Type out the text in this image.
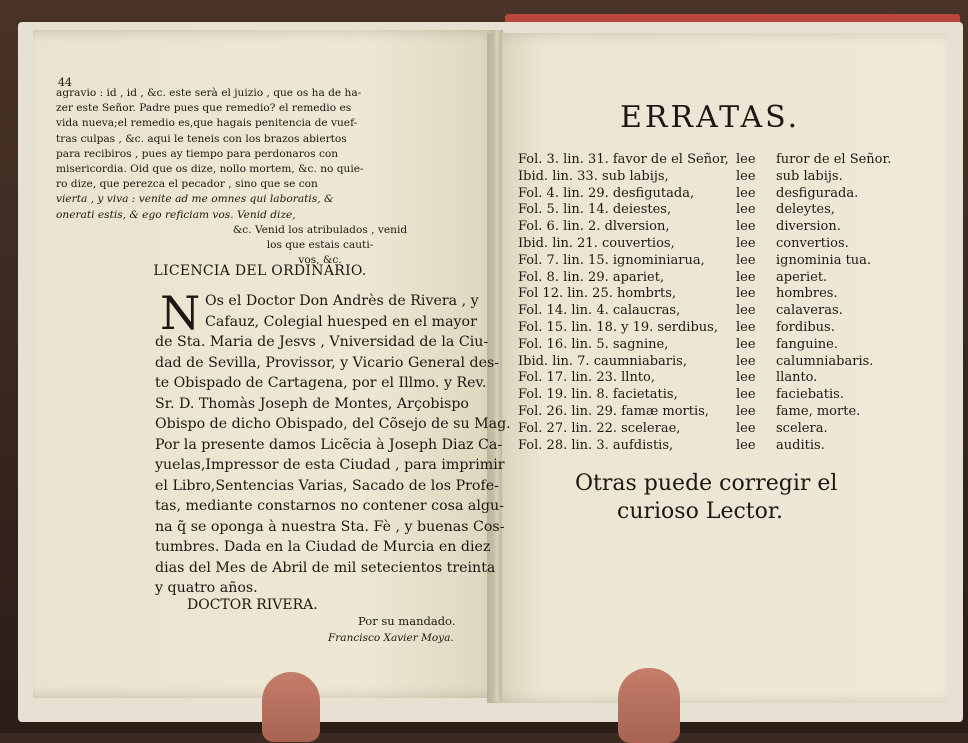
44
agravio : id , id , &c. este serà el juizio , que os ha de ha-
zer este Señor. Padre pues que remedio? el remedio es
vida nueva;el remedio es,que hagais penitencia de vuef-
tras culpas , &c. aqui le teneis con los brazos abiertos
para recibiros , pues ay tiempo para perdonaros con
misericordia. Oid que os dize, nollo mortem, &c. no quie-
ro dize, que perezca el pecador , sino que se con
vierta , y viva : venite ad me omnes qui laboratis, &
onerati estis, & ego reficiam vos. Venid dize,
&c. Venid los atribulados , venid
los que estais cauti-
vos, &c.
LICENCIA DEL ORDINARIO.
N Os el Doctor Don Andrès de Rivera , y
Cafauz, Colegial huesped en el mayor
de Sta. Maria de Jesvs , Vniversidad de la Ciu-
dad de Sevilla, Provissor, y Vicario General des-
te Obispado de Cartagena, por el Illmo. y Rev.
Sr. D. Thomàs Joseph de Montes, Arçobispo
Obispo de dicho Obispado, del Cõsejo de su Mag.
Por la presente damos Licẽcia à Joseph Diaz Ca-
yuelas,Impressor de esta Ciudad , para imprimir
el Libro,Sentencias Varias, Sacado de los Profe-
tas, mediante constarnos no contener cosa algu-
na q̃ se oponga à nuestra Sta. Fè , y buenas Cos-
tumbres. Dada en la Ciudad de Murcia en diez
dias del Mes de Abril de mil setecientos treinta
y quatro años.
DOCTOR RIVERA.
Por su mandado.
Francisco Xavier Moya.
ERRATAS.
Fol. 3. lin. 31. favor de el Señor, lee furor de el Señor.
Ibid. lin. 33. sub labijs,	lee sub labijs.
Fol. 4. lin. 29. desfigutada,	lee desfigurada.
Fol. 5. lin. 14. deiestes,	lee deleytes,
Fol. 6. lin. 2. dlversion,	lee diversion.
Ibid. lin. 21. couvertios,	lee convertios.
Fol. 7. lin. 15. ignominiarua, lee ignominia tua.
Fol. 8. lin. 29. apariet,	lee aperiet.
Fol 12. lin. 25. hombrts,	lee hombres.
Fol. 14. lin. 4. calaucras,	lee calaveras.
Fol. 15. lin. 18. y 19. serdibus, lee fordibus.
Fol. 16. lin. 5. sagnine,	lee fanguine.
Ibid. lin. 7. caumniabaris,	lee calumniabaris.
Fol. 17. lin. 23. llnto,	lee llanto.
Fol. 19. lin. 8. facietatis,	lee faciebatis.
Fol. 26. lin. 29. famæ mortis, lee fame, morte.
Fol. 27. lin. 22. scelerae,	lee scelera.
Fol. 28. lin. 3. aufdistis,	lee auditis.
Otras puede corregir el
curioso Lector.
